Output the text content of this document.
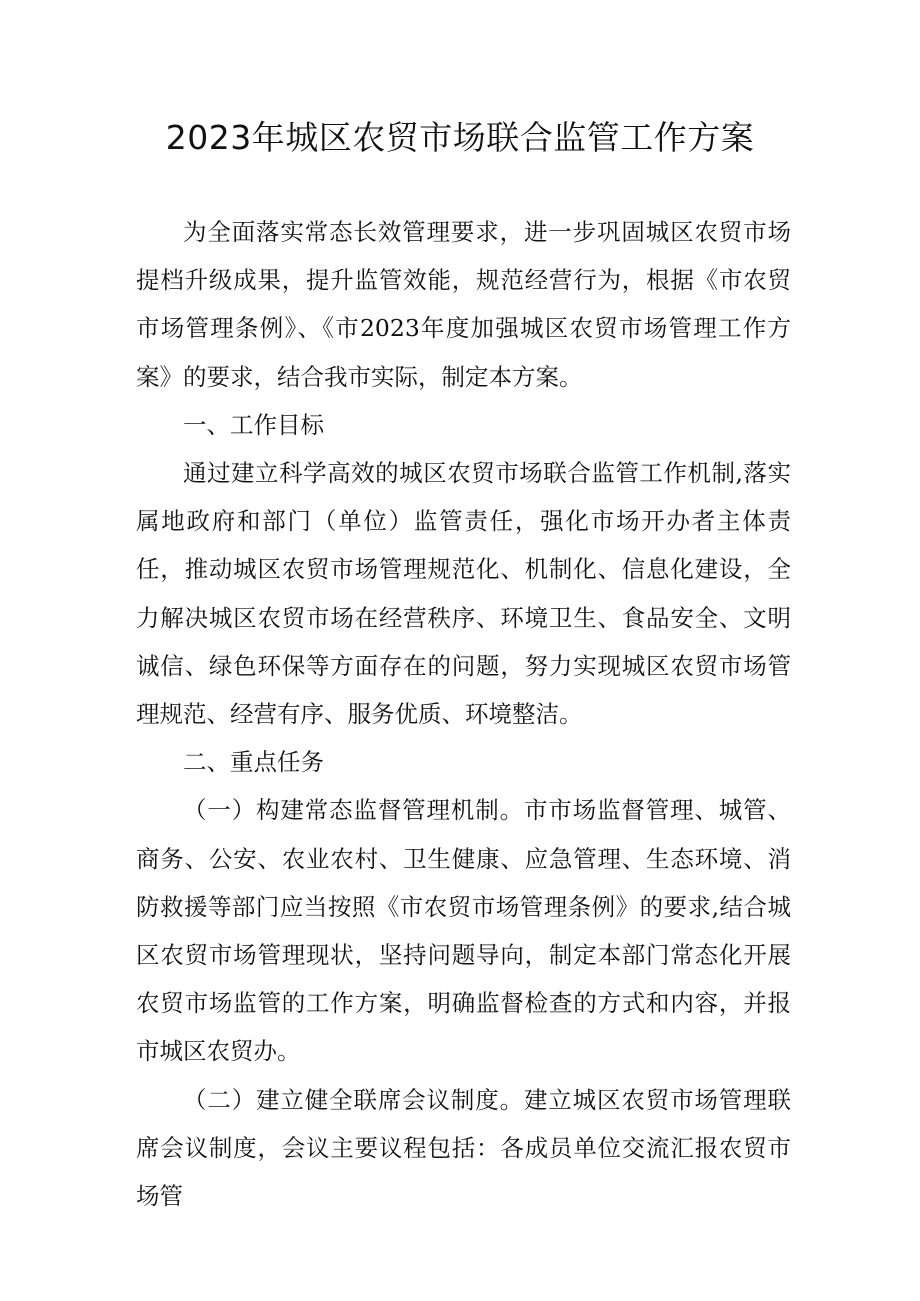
2023年城区农贸市场联合监管工作方案

为全面落实常态长效管理要求，进一步巩固城区农贸市场提档升级成果，提升监管效能，规范经营行为，根据《市农贸市场管理条例》、《市2023年度加强城区农贸市场管理工作方案》的要求，结合我市实际，制定本方案。

一、工作目标

通过建立科学高效的城区农贸市场联合监管工作机制,落实属地政府和部门（单位）监管责任，强化市场开办者主体责任，推动城区农贸市场管理规范化、机制化、信息化建设，全力解决城区农贸市场在经营秩序、环境卫生、食品安全、文明诚信、绿色环保等方面存在的问题，努力实现城区农贸市场管理规范、经营有序、服务优质、环境整洁。

二、重点任务

（一）构建常态监督管理机制。市市场监督管理、城管、商务、公安、农业农村、卫生健康、应急管理、生态环境、消防救援等部门应当按照《市农贸市场管理条例》的要求,结合城区农贸市场管理现状，坚持问题导向，制定本部门常态化开展农贸市场监管的工作方案，明确监督检查的方式和内容，并报市城区农贸办。

（二）建立健全联席会议制度。建立城区农贸市场管理联席会议制度，会议主要议程包括：各成员单位交流汇报农贸市场管
